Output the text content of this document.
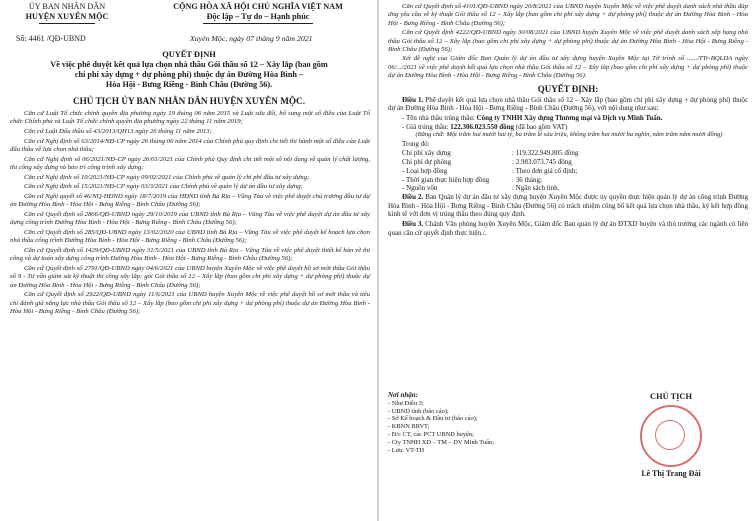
ỦY BAN NHÂN DÂN
HUYỆN XUYÊN MỘC
Số: 4461 /QĐ-UBND
CỘNG HÒA XÃ HỘI CHỦ NGHĨA VIỆT NAM
Độc lập – Tự do – Hạnh phúc
Xuyên Mộc, ngày 07 tháng 9 năm 2021
QUYẾT ĐỊNH
Về việc phê duyệt kết quả lựa chọn nhà thầu Gói thầu số 12 – Xây lắp (bao gồm
chi phí xây dựng + dự phòng phí) thuộc dự án Đường Hòa Bình –
Hòa Hội - Bưng Riềng - Bình Châu (Đường 56).
CHỦ TỊCH ỦY BAN NHÂN DÂN HUYỆN XUYÊN MỘC.

Căn cứ Luật Tổ chức chính quyền địa phương ngày 19 tháng 06 năm 2015 và Luật sửa đổi, bổ sung một số điều của Luật Tổ chức Chính phủ và Luật Tổ chức chính quyền địa phương ngày 22 tháng 11 năm 2019;

Căn cứ Luật Đấu thầu số 43/2013/QH13 ngày 26 tháng 11 năm 2013;

Căn cứ Nghị định số 63/2014/NĐ-CP ngày 26 tháng 06 năm 2014 của Chính phủ quy định chi tiết thi hành một số điều của Luật đấu thầu về lựa chọn nhà thầu;

Căn cứ Nghị định số 06/2021/NĐ-CP ngày 26/01/2021 của Chính phủ Quy định chi tiết một số nội dung về quản lý chất lượng, thi công xây dựng và bảo trì công trình xây dựng;

Căn cứ Nghị định số 10/2021/NĐ-CP ngày 09/02/2021 của Chính phủ về quản lý chi phí đầu tư xây dựng;

Căn cứ Nghị định số 15/2021/NĐ-CP ngày 03/3/2021 của Chính phủ về quản lý dự án đầu tư xây dựng;

Căn cứ Nghị quyết số 46/NQ-HĐND ngày 18/7/2019 của HĐND tỉnh Bà Rịa – Vũng Tàu về việc phê duyệt chủ trương đầu tư dự án Đường Hòa Bình - Hòa Hội - Bưng Riềng - Bình Châu (Đường 56);

Căn cứ Quyết định số 2866/QĐ-UBND ngày 29/10/2019 của UBND tỉnh Bà Rịa – Vũng Tàu về việc phê duyệt dự án đầu tư xây dựng công trình Đường Hòa Bình - Hòa Hội - Bưng Riềng - Bình Châu (Đường 56);

Căn cứ Quyết định số 285/QĐ-UBND ngày 13/02/2020 của UBND tỉnh Bà Rịa – Vũng Tàu về việc phê duyệt kế hoạch lựa chọn nhà thầu công trình Đường Hòa Bình - Hòa Hội - Bưng Riềng - Bình Châu (Đường 56);

Căn cứ Quyết định số 1429/QĐ-UBND ngày 31/5/2021 của UBND tỉnh Bà Rịa – Vũng Tàu về việc phê duyệt thiết kế bản vẽ thi công và dự toán xây dựng công trình Đường Hòa Bình - Hòa Hội - Bưng Riềng - Bình Châu (Đường 56);

Căn cứ Quyết định số 2791/QĐ-UBND ngày 04/6/2021 của UBND huyện Xuyên Mộc về việc phê duyệt hồ sơ mời thầu Gói thầu số 9 - Tư vấn giám sát kỹ thuật thi công xây lắp; gói Gói thầu số 12 – Xây lắp (bao gồm chi phí xây dựng + dự phòng phí) thuộc dự án Đường Hòa Bình - Hòa Hội - Bưng Riềng - Bình Châu (Đường 56);

Căn cứ Quyết định số 2922/QĐ-UBND ngày 11/6/2021 của UBND huyện Xuyên Mộc về việc phê duyệt hồ sơ mời thầu và tiêu chí đánh giá năng lực nhà thầu Gói thầu số 12 – Xây lắp (bao gồm chi phí xây dựng + dự phòng phí) thuộc dự án Đường Hòa Bình - Hòa Hội - Bưng Riềng - Bình Châu (Đường 56);

Căn cứ Quyết định số 4101/QĐ-UBND ngày 20/8/2021 của UBND huyện Xuyên Mộc về việc phê duyệt danh sách nhà thầu đáp ứng yêu cầu về kỹ thuật Gói thầu số 12 – Xây lắp (bao gồm chi phí xây dựng + dự phòng phí) thuộc dự án Đường Hòa Bình - Hòa Hội - Bưng Riềng - Bình Châu (Đường 56);

Căn cứ Quyết định 4222/QĐ-UBND ngày 30/08/2021 của UBND huyện Xuyên Mộc về việc phê duyệt danh sách xếp hạng nhà thầu Gói thầu số 12 – Xây lắp (bao gồm chi phí xây dựng + dự phòng phí) thuộc dự án Đường Hòa Bình - Hòa Hội - Bưng Riềng - Bình Châu (Đường 56);

Xét đề nghị của Giám đốc Ban Quản lý dự án đầu tư xây dựng huyện Xuyên Mộc tại Tờ trình số ....../TTr-BQLDA ngày 06/.../2021 về việc phê duyệt kết quả lựa chọn nhà thầu Gói thầu số 12 – Xây lắp (bao gồm chi phí xây dựng + dự phòng phí) thuộc dự án Đường Hòa Bình - Hòa Hội - Bưng Riềng - Bình Châu (Đường 56).

QUYẾT ĐỊNH:

Điều 1. Phê duyệt kết quả lựa chọn nhà thầu Gói thầu số 12 – Xây lắp (bao gồm chi phí xây dựng + dự phòng phí) thuộc dự án Đường Hòa Bình - Hòa Hội - Bưng Riềng - Bình Châu (Đường 56), với nội dung như sau:

- Tên nhà thầu trúng thầu: Công ty TNHH Xây dựng Thương mại và Dịch vụ Minh Tuấn.
- Giá trúng thầu: 122.306.023.550 đồng (đã bao gồm VAT)
(Bằng chữ: Một trăm hai mươi hai tỷ, ba trăm lẻ sáu triệu, không trăm hai mươi ba nghìn, năm trăm năm mươi đồng)
Trong đó:
Chi phí xây dựng	: 119.322.949.805 đồng
Chi phí dự phòng	: 2.983.073.745 đồng
- Loại hợp đồng	: Theo đơn giá cố định;
- Thời gian thực hiện hợp đồng	: 36 tháng;
- Nguồn vốn	: Ngân sách tỉnh.

Điều 2. Ban Quản lý dự án đầu tư xây dựng huyện Xuyên Mộc được ủy quyền thực hiện quản lý dự án công trình Đường Hòa Bình - Hòa Hội - Bưng Riềng - Bình Châu (Đường 56) có trách nhiệm công bố kết quả lựa chọn nhà thầu, ký kết hợp đồng kinh tế với đơn vị trúng thầu theo đúng quy định.

Điều 3. Chánh Văn phòng huyện Xuyên Mộc, Giám đốc Ban quản lý dự án ĐTXD huyện và thủ trưởng các ngành có liên quan căn cứ quyết định thực hiện./.

Nơi nhận:
- Như Điều 3;
- UBND tỉnh (báo cáo);
- Sở Kế hoạch & Đầu tư (báo cáo);
- KBNN BRVT;
- Đ/c CT, các PCT UBND huyện;
- Cty TNHH XD – TM – DV Minh Tuấn;
- Lưu: VT-TH
CHỦ TỊCH
Lê Thị Trang Đài
